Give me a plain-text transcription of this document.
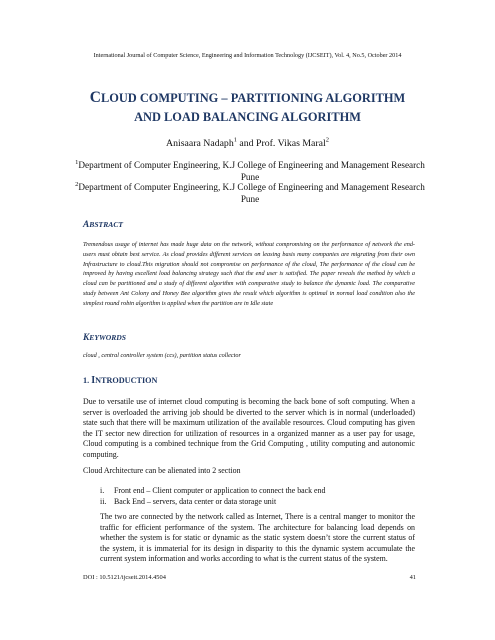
International Journal of Computer Science, Engineering and Information Technology (IJCSEIT), Vol. 4, No.5, October 2014
CLOUD COMPUTING – PARTITIONING ALGORITHM
AND LOAD BALANCING ALGORITHM
Anisaara Nadaph$^1$ and Prof. Vikas Maral$^2$
$^1$Department of Computer Engineering, K.J College of Engineering and Management Research Pune
$^2$Department of Computer Engineering, K.J College of Engineering and Management Research Pune
ABSTRACT
Tremendous usage of internet has made huge data on the network, without compromising on the performance of network the end-users must obtain best service. As cloud provides different services on leasing basis many companies are migrating from their own Infrastructure to cloud.This migration should not compromise on performance of the cloud, The performance of the cloud can be improved by having excellent load balancing strategy such that the end user is satisfied. The paper reveals the method by which a cloud can be partitioned and a study of different algorithm with comparative study to balance the dynamic load. The comparative study between Ant Colony and Honey Bee algorithm gives the result which algorithm is optimal in normal load condition also the simplest round robin algorithm is applied when the partition are in Idle state
KEYWORDS
cloud , central controller system (ccs), partition status collector
1. INTRODUCTION
Due to versatile use of internet cloud computing is becoming the back bone of soft computing. When a server is overloaded the arriving job should be diverted to the server which is in normal (underloaded) state such that there will be maximum utilization of the available resources. Cloud computing has given the IT sector new direction for utilization of resources in a organized manner as a user pay for usage, Cloud computing is a combined technique from the Grid Computing , utility computing and autonomic computing.
Cloud Architecture can be alienated into 2 section
i.	Front end – Client computer or application to connect the back end
ii. Back End – servers, data center or data storage unit
The two are connected by the network called as Internet, There is a central manger to monitor the traffic for efficient performance of the system. The architecture for balancing load depends on whether the system is for static or dynamic as the static system doesn’t store the current status of the system, it is immaterial for its design in disparity to this the dynamic system accumulate the current system information and works according to what is the current status of the system.
DOI : 10.5121/ijcseit.2014.4504	41
